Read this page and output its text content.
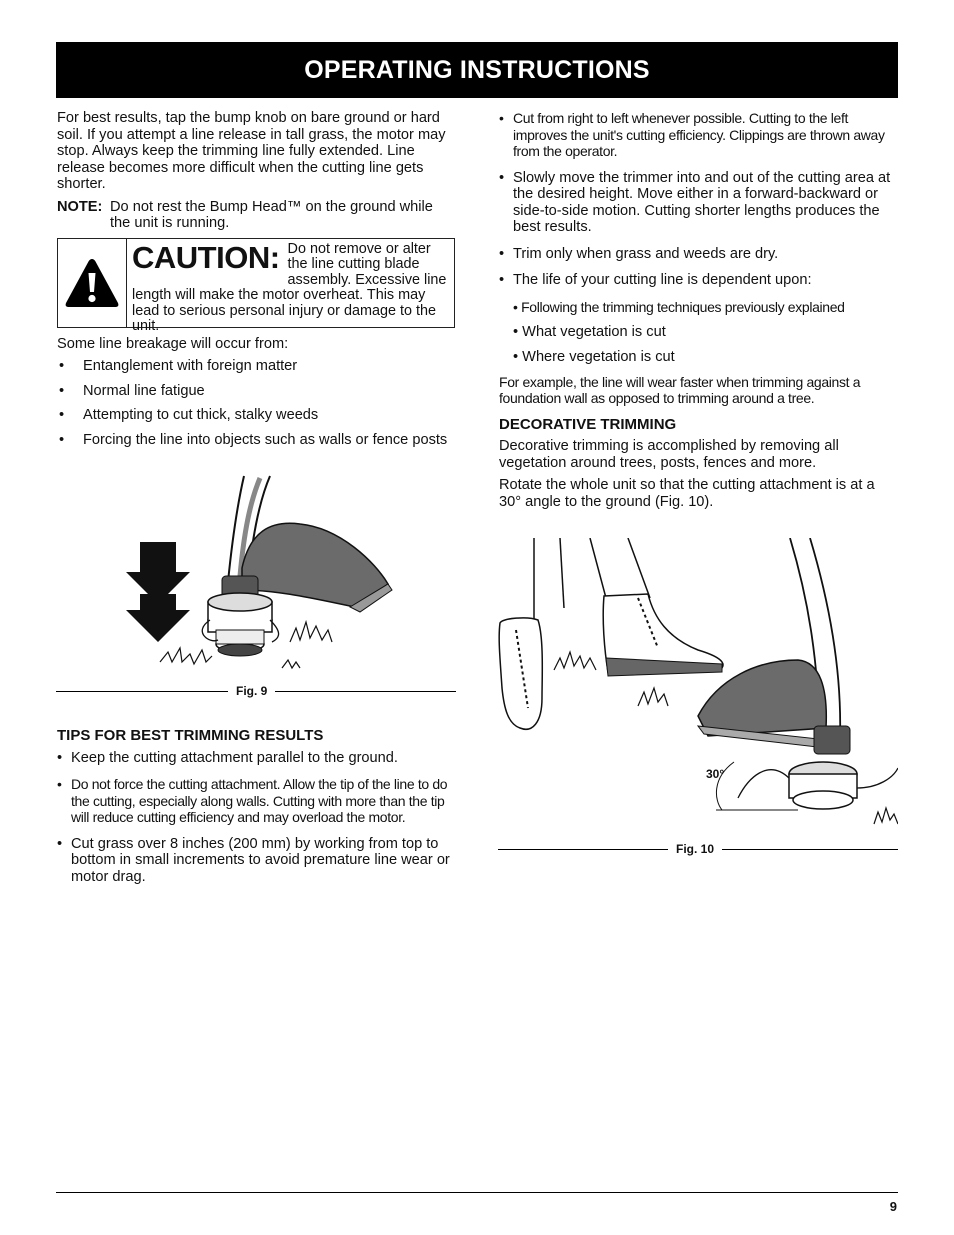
OPERATING INSTRUCTIONS

For best results, tap the bump knob on bare ground or hard soil. If you attempt a line release in tall grass, the motor may stop. Always keep the trimming line fully extended. Line release becomes more difficult when the cutting line gets shorter.

NOTE: Do not rest the Bump Head™ on the ground while the unit is running.
CAUTION: Do not remove or alter the line cutting blade assembly. Excessive line length will make the motor overheat. This may lead to serious personal injury or damage to the unit.

Some line breakage will occur from:

• Entanglement with foreign matter
• Normal line fatigue
• Attempting to cut thick, stalky weeds
• Forcing the line into objects such as walls or fence posts
Fig. 9
TIPS FOR BEST TRIMMING RESULTS
• Keep the cutting attachment parallel to the ground.
• Do not force the cutting attachment. Allow the tip of the line to do the cutting, especially along walls. Cutting with more than the tip will reduce cutting efficiency and may overload the motor.
• Cut grass over 8 inches (200 mm) by working from top to bottom in small increments to avoid premature line wear or motor drag.
• Cut from right to left whenever possible. Cutting to the left improves the unit's cutting efficiency. Clippings are thrown away from the operator.
• Slowly move the trimmer into and out of the cutting area at the desired height. Move either in a forward-backward or side-to-side motion. Cutting shorter lengths produces the best results.
• Trim only when grass and weeds are dry.
• The life of your cutting line is dependent upon:
• Following the trimming techniques previously explained
• What vegetation is cut
• Where vegetation is cut

For example, the line will wear faster when trimming against a foundation wall as opposed to trimming around a tree.

DECORATIVE TRIMMING

Decorative trimming is accomplished by removing all vegetation around trees, posts, fences and more.

Rotate the whole unit so that the cutting attachment is at a 30° angle to the ground (Fig. 10).

30°
Fig. 10
9
